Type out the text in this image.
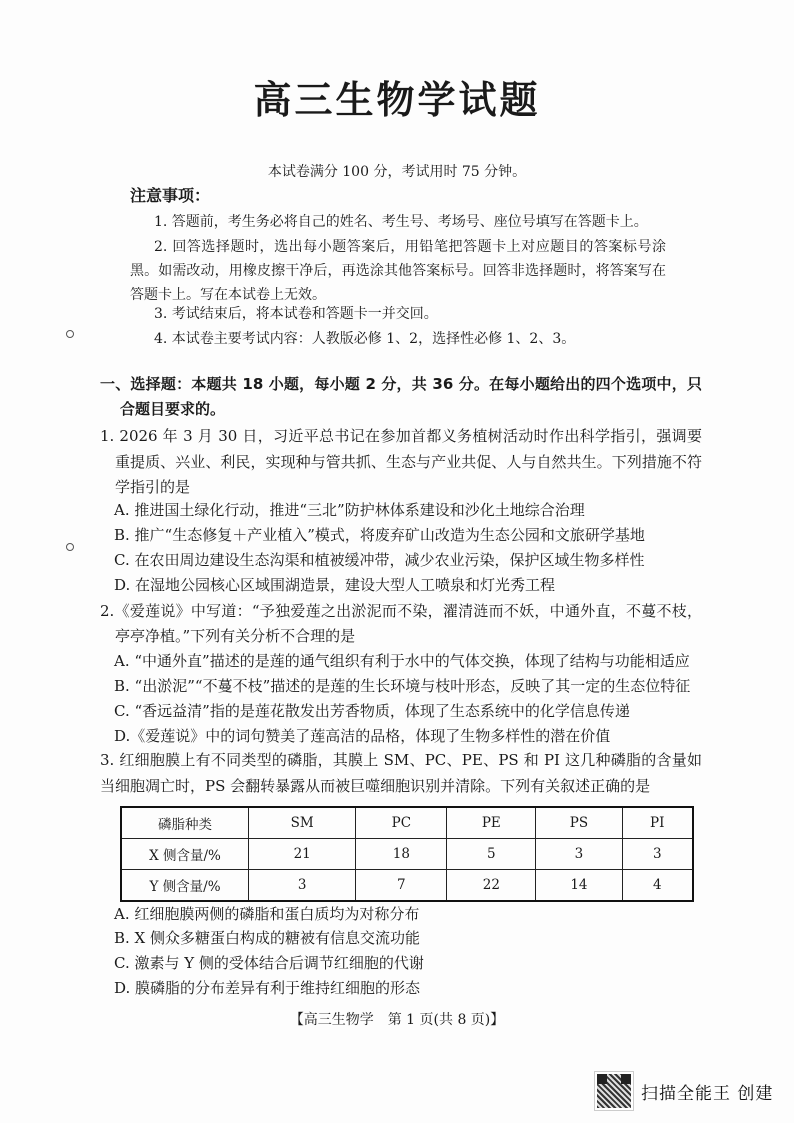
高三生物学试题
本试卷满分 100 分，考试用时 75 分钟。
注意事项：
1. 答题前，考生务必将自己的姓名、考生号、考场号、座位号填写在答题卡上。
2. 回答选择题时，选出每小题答案后，用铅笔把答题卡上对应题目的答案标号涂
黑。如需改动，用橡皮擦干净后，再选涂其他答案标号。回答非选择题时，将答案写在
答题卡上。写在本试卷上无效。
3. 考试结束后，将本试卷和答题卡一并交回。
4. 本试卷主要考试内容：人教版必修 1、2，选择性必修 1、2、3。
一、选择题：本题共 18 小题，每小题 2 分，共 36 分。在每小题给出的四个选项中，只
合题目要求的。
1. 2026 年 3 月 30 日，习近平总书记在参加首都义务植树活动时作出科学指引，强调要
重提质、兴业、利民，实现种与管共抓、生态与产业共促、人与自然共生。下列措施不符
学指引的是
A. 推进国土绿化行动，推进“三北”防护林体系建设和沙化土地综合治理
B. 推广“生态修复＋产业植入”模式，将废弃矿山改造为生态公园和文旅研学基地
C. 在农田周边建设生态沟渠和植被缓冲带，减少农业污染，保护区域生物多样性
D. 在湿地公园核心区域围湖造景，建设大型人工喷泉和灯光秀工程
2.《爱莲说》中写道：“予独爱莲之出淤泥而不染，濯清涟而不妖，中通外直，不蔓不枝，
亭亭净植。”下列有关分析不合理的是
A. “中通外直”描述的是莲的通气组织有利于水中的气体交换，体现了结构与功能相适应
B. “出淤泥”“不蔓不枝”描述的是莲的生长环境与枝叶形态，反映了其一定的生态位特征
C. “香远益清”指的是莲花散发出芳香物质，体现了生态系统中的化学信息传递
D.《爱莲说》中的词句赞美了莲高洁的品格，体现了生物多样性的潜在价值
3. 红细胞膜上有不同类型的磷脂，其膜上 SM、PC、PE、PS 和 PI 这几种磷脂的含量如
当细胞凋亡时，PS 会翻转暴露从而被巨噬细胞识别并清除。下列有关叙述正确的是
磷脂种类	SM	PC	PE	PS	PI
X 侧含量/%	21	18	5	3	3
Y 侧含量/%	3	7	22	14	4
A. 红细胞膜两侧的磷脂和蛋白质均为对称分布
B. X 侧众多糖蛋白构成的糖被有信息交流功能
C. 激素与 Y 侧的受体结合后调节红细胞的代谢
D. 膜磷脂的分布差异有利于维持红细胞的形态
【高三生物学　第 1 页(共 8 页)】
扫描全能王 创建
